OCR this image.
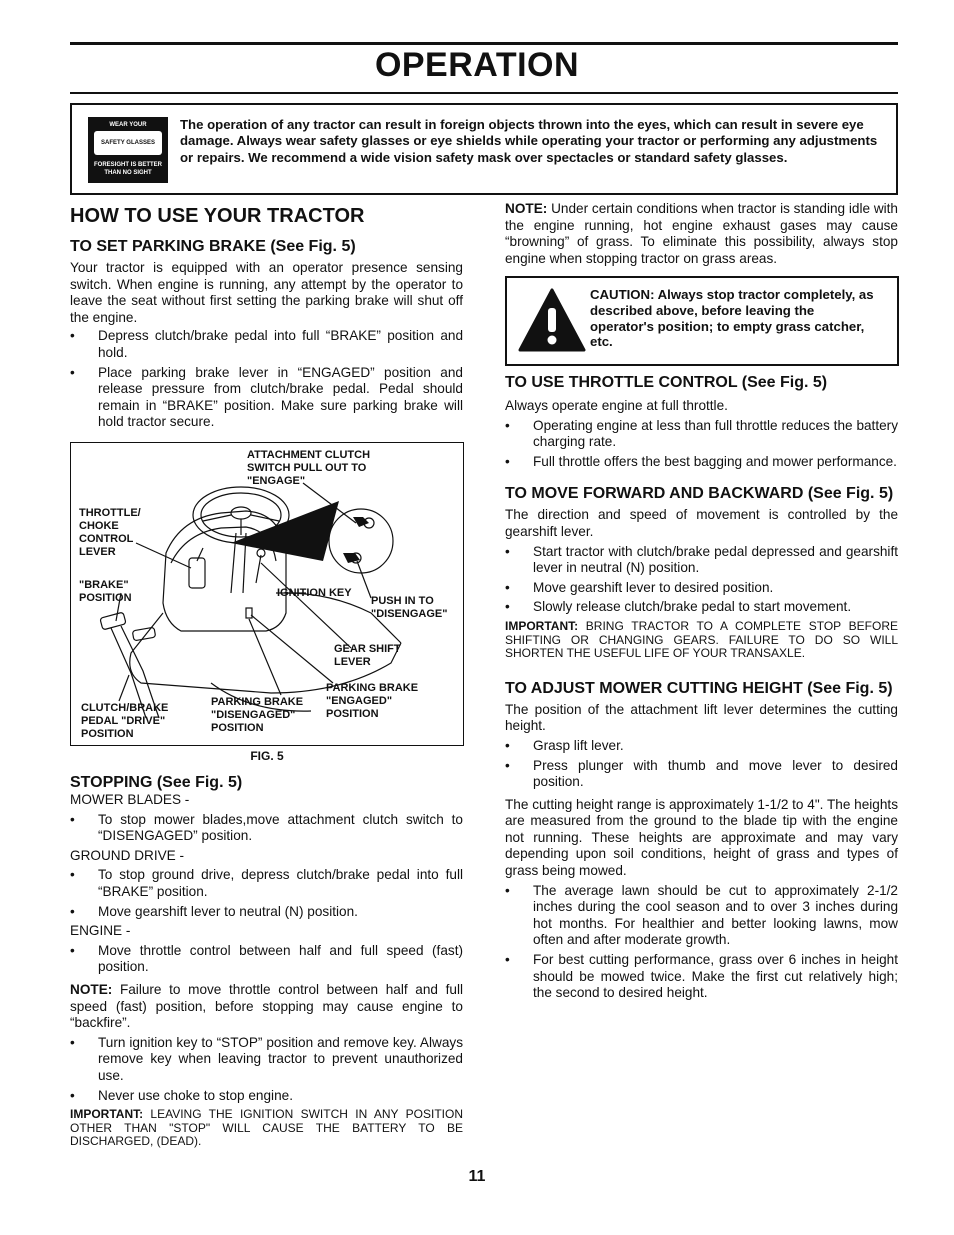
OPERATION
WEAR YOUR
SAFETY GLASSES
FORESIGHT IS BETTER THAN NO SIGHT
The operation of any tractor can result in foreign objects thrown into the eyes, which can result in severe eye damage. Always wear safety glasses or eye shields while operating your tractor or performing any adjustments or repairs. We recommend a wide vision safety mask over spectacles or standard safety glasses.
HOW TO USE YOUR TRACTOR
TO SET PARKING BRAKE (See Fig. 5)

Your tractor is equipped with an operator presence sensing switch. When engine is running, any attempt by the operator to leave the seat without first setting the parking brake will shut off the engine.

• Depress clutch/brake pedal into full “BRAKE” position and hold.
• Place parking brake lever in “ENGAGED” position and release pressure from clutch/brake pedal. Pedal should remain in “BRAKE” position. Make sure parking brake will hold tractor secure.
ATTACHMENT CLUTCH SWITCH PULL OUT TO "ENGAGE"
THROTTLE/ CHOKE CONTROL LEVER
"BRAKE" POSITION	IGNITION KEY
PUSH IN TO "DISENGAGE"
GEAR SHIFT LEVER
PARKING BRAKE "ENGAGED" POSITION
PARKING BRAKE "DISENGAGED" POSITION
CLUTCH/BRAKE PEDAL "DRIVE" POSITION
FIG. 5
STOPPING (See Fig. 5)

MOWER BLADES -

• To stop mower blades,move attachment clutch switch to “DISENGAGED” position.

GROUND DRIVE -

• To stop ground drive, depress clutch/brake pedal into full “BRAKE” position.
• Move gearshift lever to neutral (N) position.

ENGINE -

• Move throttle control between half and full speed (fast) position.

NOTE: Failure to move throttle control between half and full speed (fast) position, before stopping may cause engine to “backfire”.

• Turn ignition key to “STOP” position and remove key. Always remove key when leaving tractor to prevent unauthorized use.
• Never use choke to stop engine.

IMPORTANT: LEAVING THE IGNITION SWITCH IN ANY POSITION OTHER THAN "STOP" WILL CAUSE THE BATTERY TO BE DISCHARGED, (DEAD).

NOTE: Under certain conditions when tractor is standing idle with the engine running, hot engine exhaust gases may cause “browning” of grass. To eliminate this possibility, always stop engine when stopping tractor on grass areas.

CAUTION: Always stop tractor completely, as described above, before leaving the operator's position; to empty grass catcher, etc.
TO USE THROTTLE CONTROL (See Fig. 5)

Always operate engine at full throttle.

• Operating engine at less than full throttle reduces the battery charging rate.
• Full throttle offers the best bagging and mower performance.
TO MOVE FORWARD AND BACKWARD (See Fig. 5)

The direction and speed of movement is controlled by the gearshift lever.

• Start tractor with clutch/brake pedal depressed and gearshift lever in neutral (N) position.
• Move gearshift lever to desired position.
• Slowly release clutch/brake pedal to start movement.

IMPORTANT: BRING TRACTOR TO A COMPLETE STOP BEFORE SHIFTING OR CHANGING GEARS. FAILURE TO DO SO WILL SHORTEN THE USEFUL LIFE OF YOUR TRANSAXLE.

TO ADJUST MOWER CUTTING HEIGHT (See Fig. 5)

The position of the attachment lift lever determines the cutting height.

• Grasp lift lever.
• Press plunger with thumb and move lever to desired position.

The cutting height range is approximately 1-1/2 to 4". The heights are measured from the ground to the blade tip with the engine not running. These heights are approximate and may vary depending upon soil conditions, height of grass and types of grass being mowed.

• The average lawn should be cut to approximately 2-1/2 inches during the cool season and to over 3 inches during hot months. For healthier and better looking lawns, mow often and after moderate growth.
• For best cutting performance, grass over 6 inches in height should be mowed twice. Make the first cut relatively high; the second to desired height.
11
